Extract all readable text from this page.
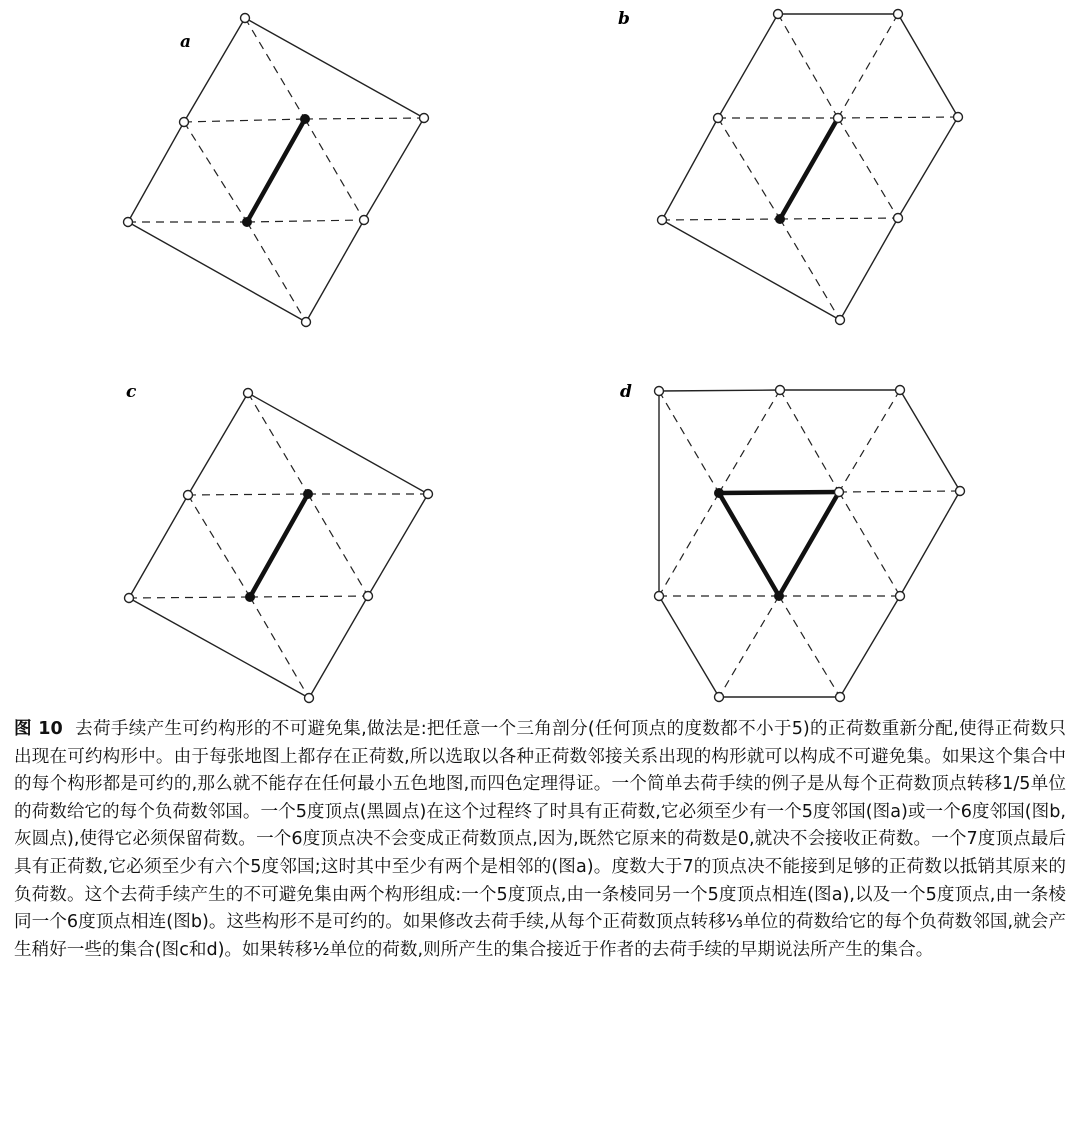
a
b
c	d

图 10 去荷手续产生可约构形的不可避免集,做法是:把任意一个三角剖分(任何顶点的度数都不小于5)的正荷数重新分配,使得正荷数只出现在可约构形中。由于每张地图上都存在正荷数,所以选取以各种正荷数邻接关系出现的构形就可以构成不可避免集。如果这个集合中的每个构形都是可约的,那么就不能存在任何最小五色地图,而四色定理得证。一个简单去荷手续的例子是从每个正荷数顶点转移1/5单位的荷数给它的每个负荷数邻国。一个5度顶点(黑圆点)在这个过程终了时具有正荷数,它必须至少有一个5度邻国(图a)或一个6度邻国(图b,灰圆点),使得它必须保留荷数。一个6度顶点决不会变成正荷数顶点,因为,既然它原来的荷数是0,就决不会接收正荷数。一个7度顶点最后具有正荷数,它必须至少有六个5度邻国;这时其中至少有两个是相邻的(图a)。度数大于7的顶点决不能接到足够的正荷数以抵销其原来的负荷数。这个去荷手续产生的不可避免集由两个构形组成:一个5度顶点,由一条棱同另一个5度顶点相连(图a),以及一个5度顶点,由一条棱同一个6度顶点相连(图b)。这些构形不是可约的。如果修改去荷手续,从每个正荷数顶点转移⅓单位的荷数给它的每个负荷数邻国,就会产生稍好一些的集合(图c和d)。如果转移½单位的荷数,则所产生的集合接近于作者的去荷手续的早期说法所产生的集合。
